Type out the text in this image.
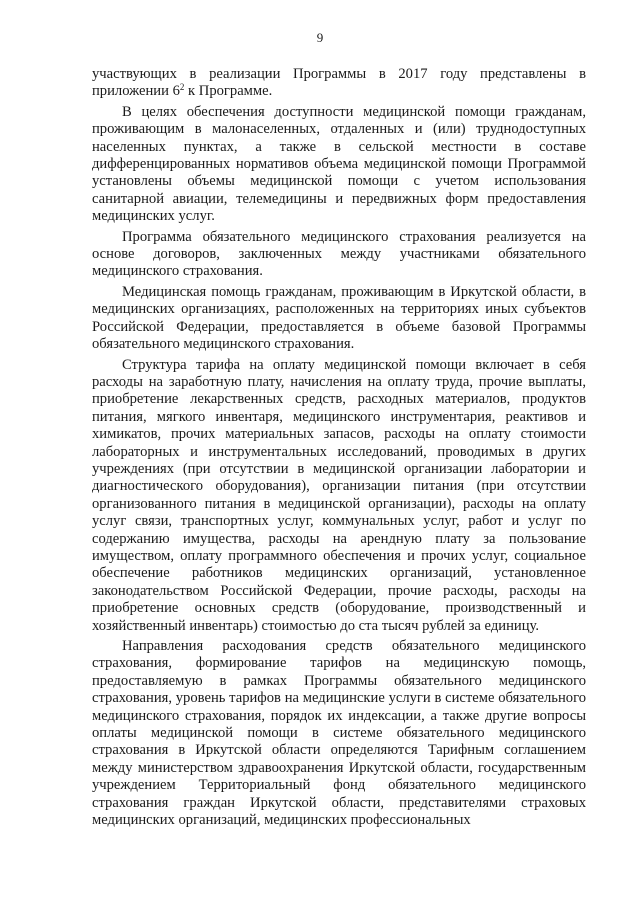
9

участвующих в реализации Программы в 2017 году представлены в приложении $6^2$ к Программе.

В целях обеспечения доступности медицинской помощи гражданам, проживающим в малонаселенных, отдаленных и (или) труднодоступных населенных пунктах, а также в сельской местности в составе дифференцированных нормативов объема медицинской помощи Программой установлены объемы медицинской помощи с учетом использования санитарной авиации, телемедицины и передвижных форм предоставления медицинских услуг.

Программа обязательного медицинского страхования реализуется на основе договоров, заключенных между участниками обязательного медицинского страхования.

Медицинская помощь гражданам, проживающим в Иркутской области, в медицинских организациях, расположенных на территориях иных субъектов Российской Федерации, предоставляется в объеме базовой Программы обязательного медицинского страхования.

Структура тарифа на оплату медицинской помощи включает в себя расходы на заработную плату, начисления на оплату труда, прочие выплаты, приобретение лекарственных средств, расходных материалов, продуктов питания, мягкого инвентаря, медицинского инструментария, реактивов и химикатов, прочих материальных запасов, расходы на оплату стоимости лабораторных и инструментальных исследований, проводимых в других учреждениях (при отсутствии в медицинской организации лаборатории и диагностического оборудования), организации питания (при отсутствии организованного питания в медицинской организации), расходы на оплату услуг связи, транспортных услуг, коммунальных услуг, работ и услуг по содержанию имущества, расходы на арендную плату за пользование имуществом, оплату программного обеспечения и прочих услуг, социальное обеспечение работников медицинских организаций, установленное законодательством Российской Федерации, прочие расходы, расходы на приобретение основных средств (оборудование, производственный и хозяйственный инвентарь) стоимостью до ста тысяч рублей за единицу.

Направления расходования средств обязательного медицинского страхования, формирование тарифов на медицинскую помощь, предоставляемую в рамках Программы обязательного медицинского страхования, уровень тарифов на медицинские услуги в системе обязательного медицинского страхования, порядок их индексации, а также другие вопросы оплаты медицинской помощи в системе обязательного медицинского страхования в Иркутской области определяются Тарифным соглашением между министерством здравоохранения Иркутской области, государственным учреждением Территориальный фонд обязательного медицинского страхования граждан Иркутской области, представителями страховых медицинских организаций, медицинских профессиональных
